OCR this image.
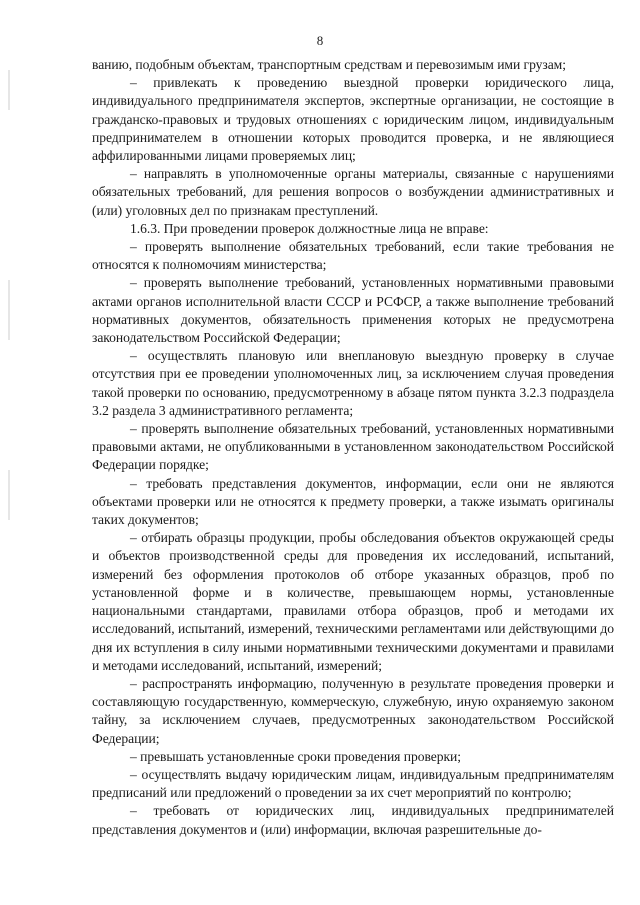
8

ванию, подобным объектам, транспортным средствам и перевозимым ими грузам;

– привлекать к проведению выездной проверки юридического лица, индивидуального предпринимателя экспертов, экспертные организации, не состоящие в гражданско-правовых и трудовых отношениях с юридическим лицом, индивидуальным предпринимателем в отношении которых проводится проверка, и не являющиеся аффилированными лицами проверяемых лиц;

– направлять в уполномоченные органы материалы, связанные с нарушениями обязательных требований, для решения вопросов о возбуждении административных и (или) уголовных дел по признакам преступлений.

1.6.3. При проведении проверок должностные лица не вправе:

– проверять выполнение обязательных требований, если такие требования не относятся к полномочиям министерства;

– проверять выполнение требований, установленных нормативными правовыми актами органов исполнительной власти СССР и РСФСР, а также выполнение требований нормативных документов, обязательность применения которых не предусмотрена законодательством Российской Федерации;

– осуществлять плановую или внеплановую выездную проверку в случае отсутствия при ее проведении уполномоченных лиц, за исключением случая проведения такой проверки по основанию, предусмотренному в абзаце пятом пункта 3.2.3 подраздела 3.2 раздела 3 административного регламента;

– проверять выполнение обязательных требований, установленных нормативными правовыми актами, не опубликованными в установленном законодательством Российской Федерации порядке;

– требовать представления документов, информации, если они не являются объектами проверки или не относятся к предмету проверки, а также изымать оригиналы таких документов;

– отбирать образцы продукции, пробы обследования объектов окружающей среды и объектов производственной среды для проведения их исследований, испытаний, измерений без оформления протоколов об отборе указанных образцов, проб по установленной форме и в количестве, превышающем нормы, установленные национальными стандартами, правилами отбора образцов, проб и методами их исследований, испытаний, измерений, техническими регламентами или действующими до дня их вступления в силу иными нормативными техническими документами и правилами и методами исследований, испытаний, измерений;

– распространять информацию, полученную в результате проведения проверки и составляющую государственную, коммерческую, служебную, иную охраняемую законом тайну, за исключением случаев, предусмотренных законодательством Российской Федерации;

– превышать установленные сроки проведения проверки;

– осуществлять выдачу юридическим лицам, индивидуальным предпринимателям предписаний или предложений о проведении за их счет мероприятий по контролю;

– требовать от юридических лиц, индивидуальных предпринимателей представления документов и (или) информации, включая разрешительные до-
